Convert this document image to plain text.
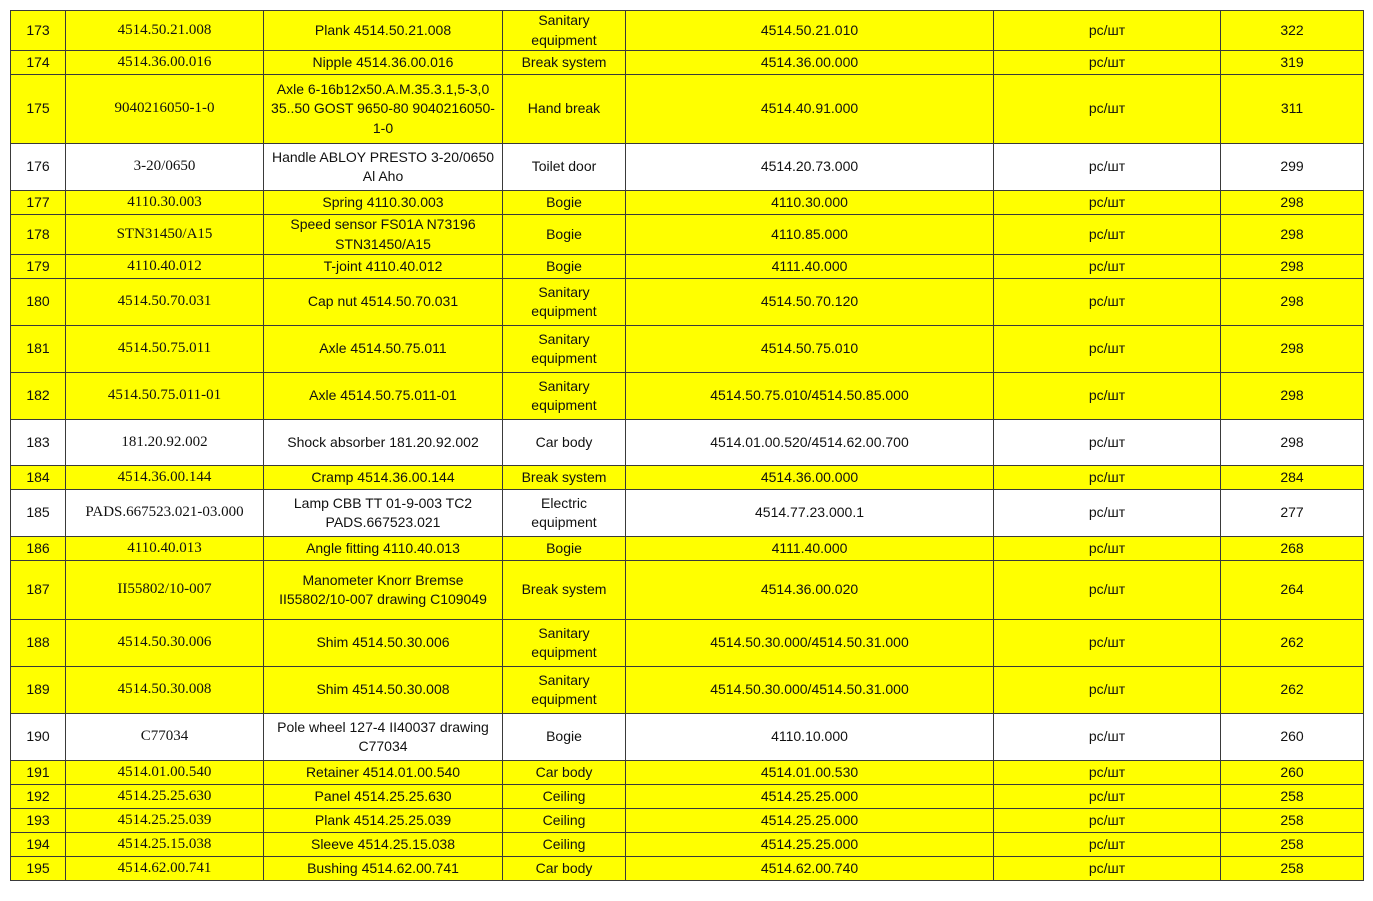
173	4514.50.21.008	Plank 4514.50.21.008	Sanitary equipment	4514.50.21.010	pc/шт	322
174	4514.36.00.016	Nipple 4514.36.00.016	Break system	4514.36.00.000	pc/шт	319
175	9040216050-1-0	Axle 6-16b12x50.A.M.35.3.1,5-3,0 35..50 GOST 9650-80 9040216050-1-0	Hand break	4514.40.91.000	pc/шт	311
176	3-20/0650	Handle ABLOY PRESTO 3-20/0650 Al Aho	Toilet door	4514.20.73.000	pc/шт	299
177	4110.30.003	Spring 4110.30.003	Bogie	4110.30.000	pc/шт	298
178	STN31450/A15	Speed sensor FS01A N73196 STN31450/A15	Bogie	4110.85.000	pc/шт	298
179	4110.40.012	T-joint 4110.40.012	Bogie	4111.40.000	pc/шт	298
180	4514.50.70.031	Cap nut 4514.50.70.031	Sanitary equipment	4514.50.70.120	pc/шт	298
181	4514.50.75.011	Axle 4514.50.75.011	Sanitary equipment	4514.50.75.010	pc/шт	298
182	4514.50.75.011-01	Axle 4514.50.75.011-01	Sanitary equipment	4514.50.75.010/4514.50.85.000	pc/шт	298
183	181.20.92.002	Shock absorber 181.20.92.002	Car body	4514.01.00.520/4514.62.00.700	pc/шт	298
184	4514.36.00.144	Cramp 4514.36.00.144	Break system	4514.36.00.000	pc/шт	284
185	PADS.667523.021-03.000	Lamp CBB TT 01-9-003 TC2 PADS.667523.021	Electric equipment	4514.77.23.000.1	pc/шт	277
186	4110.40.013	Angle fitting 4110.40.013	Bogie	4111.40.000	pc/шт	268
187	II55802/10-007	Manometer Knorr Bremse II55802/10-007 drawing C109049	Break system	4514.36.00.020	pc/шт	264
188	4514.50.30.006	Shim 4514.50.30.006	Sanitary equipment	4514.50.30.000/4514.50.31.000	pc/шт	262
189	4514.50.30.008	Shim 4514.50.30.008	Sanitary equipment	4514.50.30.000/4514.50.31.000	pc/шт	262
190	C77034	Pole wheel 127-4 II40037 drawing C77034	Bogie	4110.10.000	pc/шт	260
191	4514.01.00.540	Retainer 4514.01.00.540	Car body	4514.01.00.530	pc/шт	260
192	4514.25.25.630	Panel 4514.25.25.630	Ceiling	4514.25.25.000	pc/шт	258
193	4514.25.25.039	Plank 4514.25.25.039	Ceiling	4514.25.25.000	pc/шт	258
194	4514.25.15.038	Sleeve 4514.25.15.038	Ceiling	4514.25.25.000	pc/шт	258
195	4514.62.00.741	Bushing 4514.62.00.741	Car body	4514.62.00.740	pc/шт	258
